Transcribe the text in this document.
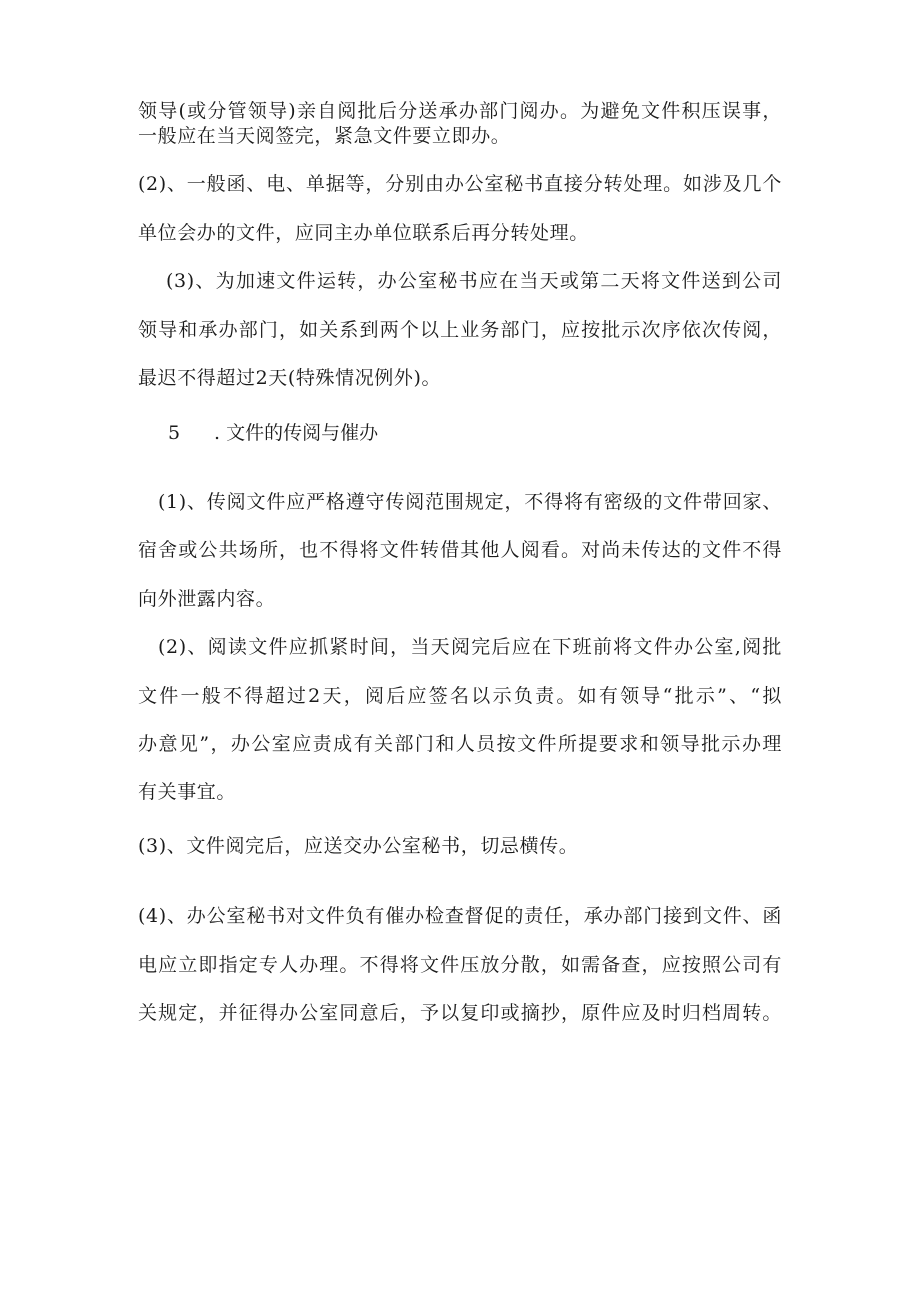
领导(或分管领导)亲自阅批后分送承办部门阅办。为避免文件积压误事，
一般应在当天阅签完，紧急文件要立即办。
(2)、一般函、电、单据等，分别由办公室秘书直接分转处理。如涉及几个
单位会办的文件，应同主办单位联系后再分转处理。
(3)、为加速文件运转，办公室秘书应在当天或第二天将文件送到公司
领导和承办部门，如关系到两个以上业务部门，应按批示次序依次传阅，
最迟不得超过2天(特殊情况例外)。
5 . 文件的传阅与催办
(1)、传阅文件应严格遵守传阅范围规定，不得将有密级的文件带回家、
宿舍或公共场所，也不得将文件转借其他人阅看。对尚未传达的文件不得
向外泄露内容。
(2)、阅读文件应抓紧时间，当天阅完后应在下班前将文件办公室,阅批
文件一般不得超过2天，阅后应签名以示负责。如有领导“批示”、“拟
办意见”，办公室应责成有关部门和人员按文件所提要求和领导批示办理
有关事宜。
(3)、文件阅完后，应送交办公室秘书，切忌横传。
(4)、办公室秘书对文件负有催办检查督促的责任，承办部门接到文件、函
电应立即指定专人办理。不得将文件压放分散，如需备查，应按照公司有
关规定，并征得办公室同意后，予以复印或摘抄，原件应及时归档周转。
